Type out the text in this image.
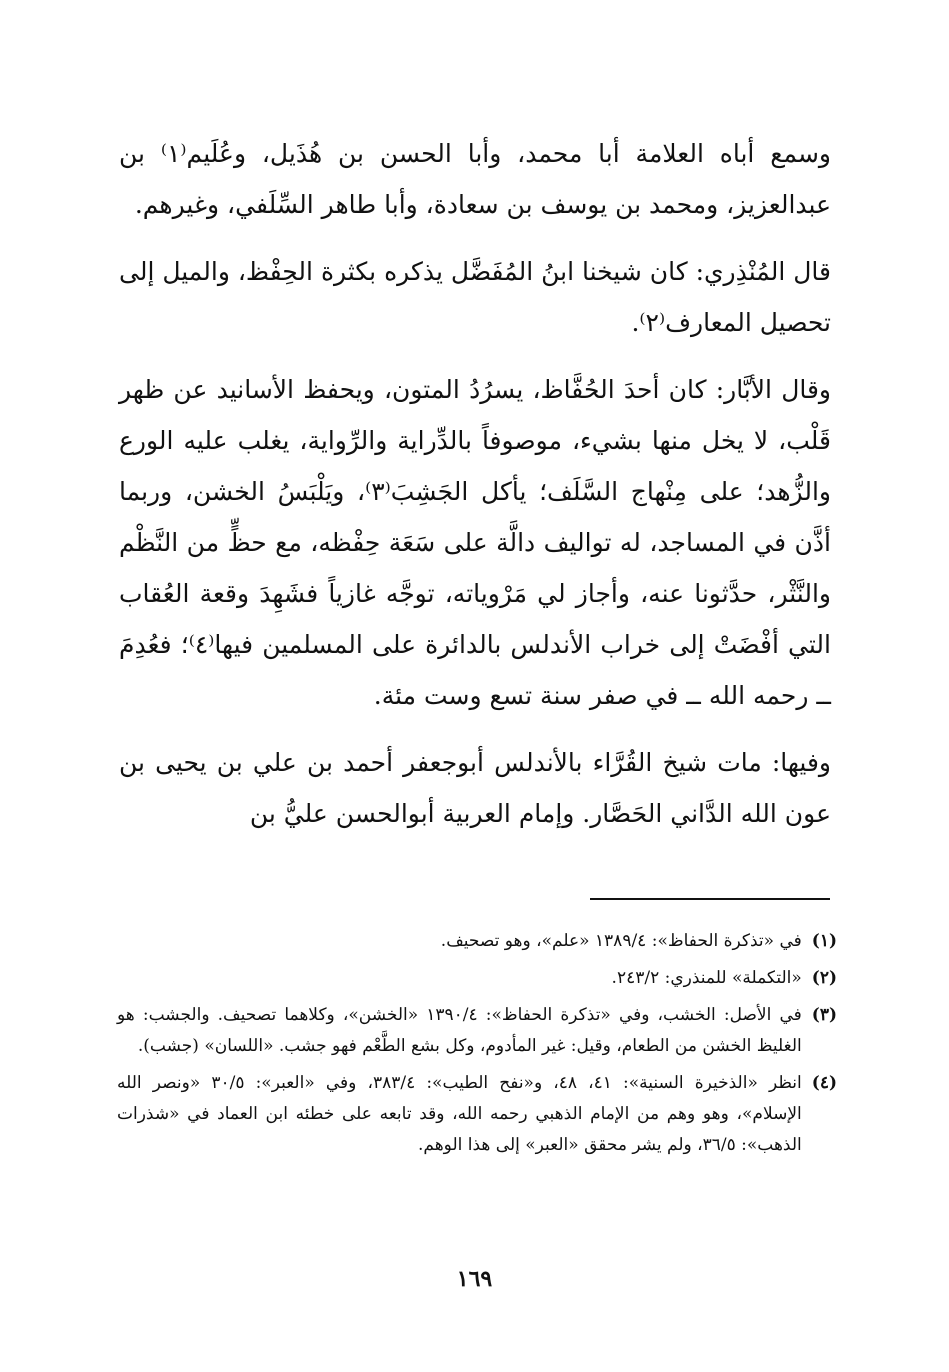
وسمع أباه العلامة أبا محمد، وأبا الحسن بن هُذَيل، وعُلَيم⁽١⁾ بن عبدالعزيز، ومحمد بن يوسف بن سعادة، وأبا طاهر السِّلَفي، وغيرهم.

قال المُنْذِري: كان شيخنا ابنُ المُفَضَّل يذكره بكثرة الحِفْظ، والميل إلى تحصيل المعارف⁽٢⁾.

وقال الأبَّار: كان أحدَ الحُفَّاظ، يسرُدُ المتون، ويحفظ الأسانيد عن ظهر قَلْب، لا يخل منها بشيء، موصوفاً بالدِّراية والرِّواية، يغلب عليه الورع والزُّهد؛ على مِنْهاج السَّلَف؛ يأكل الجَشِبَ⁽٣⁾، ويَلْبَسُ الخشن، وربما أذَّن في المساجد، له تواليف دالَّة على سَعَة حِفْظه، مع حظٍّ من النَّظْم والنَّثْر، حدَّثونا عنه، وأجاز لي مَرْوياته، توجَّه غازياً فشَهِدَ وقعة العُقاب التي أفْضَتْ إلى خراب الأندلس بالدائرة على المسلمين فيها⁽٤⁾؛ فعُدِمَ ــ رحمه الله ــ في صفر سنة تسع وست مئة.

وفيها: مات شيخ القُرَّاء بالأندلس أبوجعفر أحمد بن علي بن يحيى بن عون الله الدَّاني الحَصَّار. وإمام العربية أبوالحسن عليُّ بن

(١)
في «تذكرة الحفاظ»: ١٣٨٩/٤ «علم»، وهو تصحيف.

(٢)
«التكملة» للمنذري: ٢٤٣/٢.

(٣)
في الأصل: الخشب، وفي «تذكرة الحفاظ»: ١٣٩٠/٤ «الخشن»، وكلاهما تصحيف. والجشب: هو الغليظ الخشن من الطعام، وقيل: غير المأدوم، وكل بشع الطَّعْم فهو جشب. «اللسان» (جشب).

(٤)
انظر «الذخيرة السنية»: ٤١، ٤٨، و«نفح الطيب»: ٣٨٣/٤، وفي «العبر»: ٣٠/٥ «ونصر الله الإسلام»، وهو وهم من الإمام الذهبي رحمه الله، وقد تابعه على خطئه ابن العماد في «شذرات الذهب»: ٣٦/٥، ولم يشر محقق «العبر» إلى هذا الوهم.

١٦٩
